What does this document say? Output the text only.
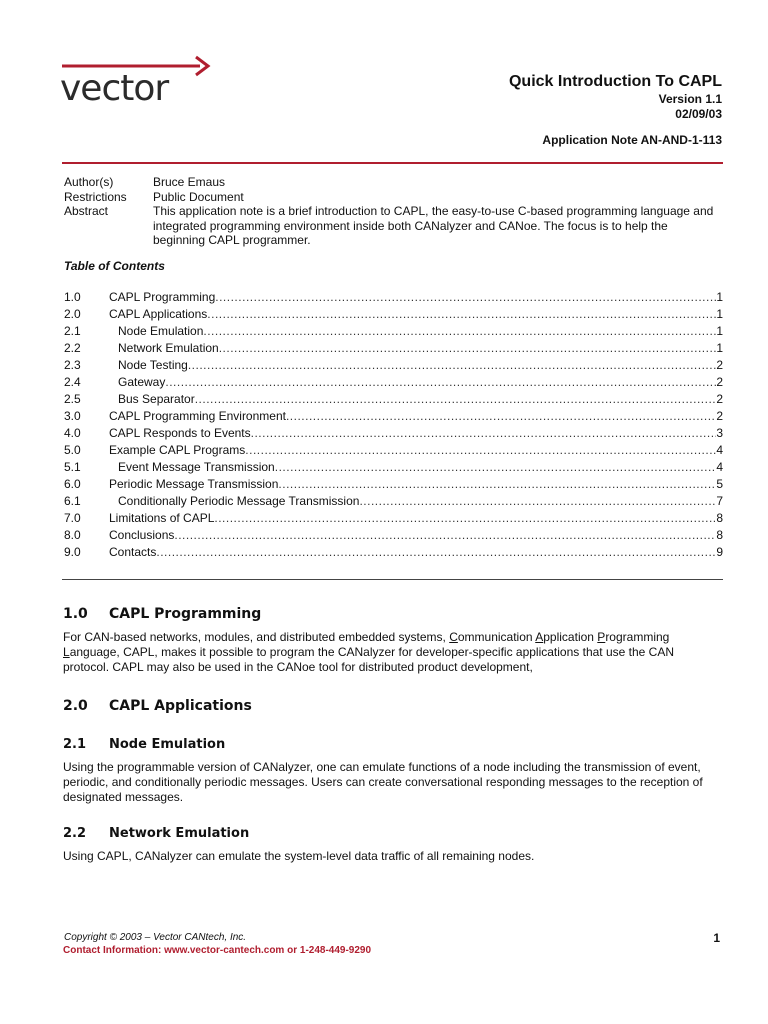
vector	Quick Introduction To CAPL
Version 1.1
02/09/03
Application Note AN-AND-1-113
Author(s)	Bruce Emaus
Restrictions	Public Document
Abstract	This application note is a brief introduction to CAPL, the easy-to-use C-based programming language and integrated programming environment inside both CANalyzer and CANoe. The focus is to help the beginning CAPL programmer.
Table of Contents
1.0	CAPL Programming .....	1
2.0	CAPL Applications .....	1
2.1	Node Emulation .....	1
2.2	Network Emulation .....	1
2.3	Node Testing .....	2
2.4	Gateway .....	2
2.5	Bus Separator .....	2
3.0	CAPL Programming Environment .....	2
4.0	CAPL Responds to Events .....	3
5.0	Example CAPL Programs .....	4
5.1	Event Message Transmission .....	4
6.0	Periodic Message Transmission .....	5
6.1	Conditionally Periodic Message Transmission .....	7
7.0	Limitations of CAPL .....	8
8.0	Conclusions .....	8
9.0	Contacts .....	9
1.0	CAPL Programming
For CAN-based networks, modules, and distributed embedded systems, Communication Application Programming Language, CAPL, makes it possible to program the CANalyzer for developer-specific applications that use the CAN protocol. CAPL may also be used in the CANoe tool for distributed product development,
2.0	CAPL Applications
2.1	Node Emulation
Using the programmable version of CANalyzer, one can emulate functions of a node including the transmission of event, periodic, and conditionally periodic messages. Users can create conversational responding messages to the reception of designated messages.
2.2	Network Emulation
Using CAPL, CANalyzer can emulate the system-level data traffic of all remaining nodes.
Copyright © 2003 – Vector CANtech, Inc.
Contact Information: www.vector-cantech.com or 1-248-449-9290
1
